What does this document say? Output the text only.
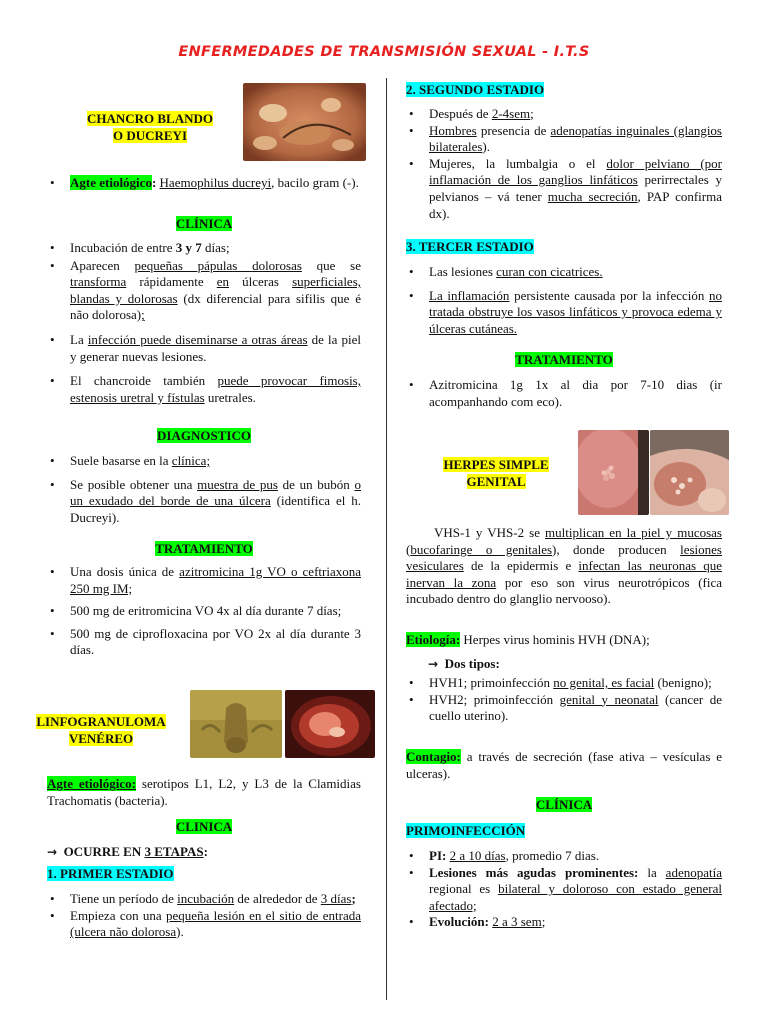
ENFERMEDADES DE TRANSMISIÓN SEXUAL - I.T.S
CHANCRO BLANDO
O DUCREYI
• Agte etiológico: Haemophilus ducreyi, bacilo gram (-).
CLÍNICA
• Incubación de entre 3 y 7 días;
• Aparecen pequeñas pápulas dolorosas que se transforma rápidamente en úlceras superficiales, blandas y dolorosas (dx diferencial para sifilis que é não dolorosa);
• La infección puede diseminarse a otras áreas de la piel y generar nuevas lesiones.
• El chancroide también puede provocar fimosis, estenosis uretral y fístulas uretrales.
DIAGNOSTICO
• Suele basarse en la clínica;
• Se posible obtener una muestra de pus de un bubón o un exudado del borde de una úlcera (identifica el h. Ducreyi).
TRATAMIENTO
• Una dosis única de azitromicina 1g VO o ceftriaxona 250 mg IM;
• 500 mg de eritromicina VO 4x al día durante 7 días;
• 500 mg de ciprofloxacina por VO 2x al día durante 3 días.
LINFOGRANULOMA
VENÉREO
Agte etiológico: serotipos L1, L2, y L3 de la Clamidias Trachomatis (bacteria).
CLINICA
→ OCURRE EN 3 ETAPAS:
1. PRIMER ESTADIO
• Tiene un período de incubación de alrededor de 3 días;
• Empieza con una pequeña lesión en el sitio de entrada (ulcera não dolorosa).
2. SEGUNDO ESTADIO
• Después de 2-4sem;
• Hombres presencia de adenopatías inguinales (glangios bilaterales).
• Mujeres, la lumbalgia o el dolor pelviano (por inflamación de los ganglios linfáticos perirrectales y pelvianos – vá tener mucha secreción, PAP confirma dx).
3. TERCER ESTADIO
• Las lesiones curan con cicatrices.
• La inflamación persistente causada por la infección no tratada obstruye los vasos linfáticos y provoca edema y úlceras cutáneas.
TRATAMIENTO
• Azitromicina 1g 1x al dia por 7-10 dias (ir acompanhando com eco).
HERPES SIMPLE
GENITAL
VHS-1 y VHS-2 se multiplican en la piel y mucosas (bucofaringe o genitales), donde producen lesiones vesiculares de la epidermis e infectan las neuronas que inervan la zona por eso son virus neurotrópicos (fica incubado dentro do glanglio nervooso).
Etiología: Herpes virus hominis HVH (DNA);
→ Dos tipos:
• HVH1; primoinfección no genital, es facial (benigno);
• HVH2; primoinfección genital y neonatal (cancer de cuello uterino).
Contagio: a través de secreción (fase ativa – vesículas e ulceras).
CLÍNICA
PRIMOINFECCIÓN
• PI: 2 a 10 días, promedio 7 dias.
• Lesiones más agudas prominentes: la adenopatía regional es bilateral y doloroso con estado general afectado;
• Evolución: 2 a 3 sem;
